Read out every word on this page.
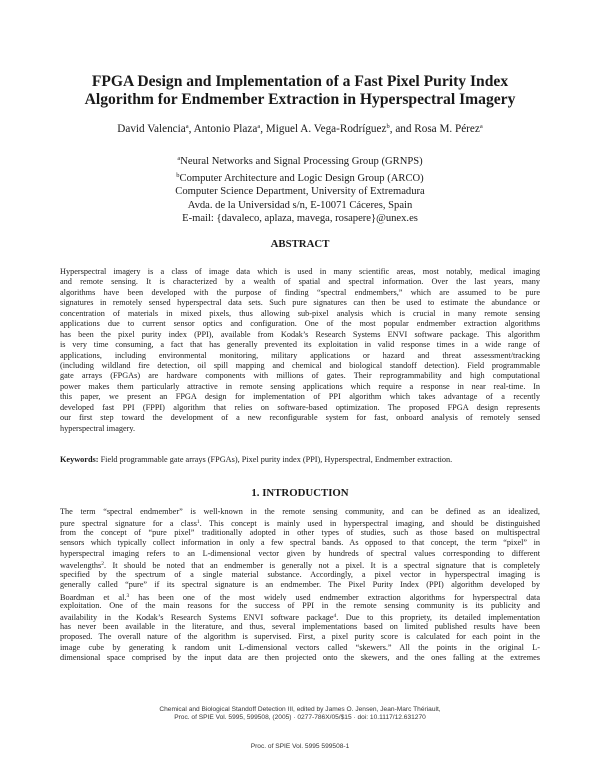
FPGA Design and Implementation of a Fast Pixel Purity Index
Algorithm for Endmember Extraction in Hyperspectral Imagery
David Valencia$^a$, Antonio Plaza$^a$, Miguel A. Vega-Rodríguez$^b$, and Rosa M. Pérez$^a$
$^a$Neural Networks and Signal Processing Group (GRNPS)
$^b$Computer Architecture and Logic Design Group (ARCO)
Computer Science Department, University of Extremadura
Avda. de la Universidad s/n, E-10071 Cáceres, Spain
E-mail: {davaleco, aplaza, mavega, rosapere}@unex.es
ABSTRACT
Hyperspectral imagery is a class of image data which is used in many scientific areas, most notably, medical imaging
and remote sensing. It is characterized by a wealth of spatial and spectral information. Over the last years, many
algorithms have been developed with the purpose of finding “spectral endmembers,” which are assumed to be pure
signatures in remotely sensed hyperspectral data sets. Such pure signatures can then be used to estimate the abundance or
concentration of materials in mixed pixels, thus allowing sub-pixel analysis which is crucial in many remote sensing
applications due to current sensor optics and configuration. One of the most popular endmember extraction algorithms
has been the pixel purity index (PPI), available from Kodak’s Research Systems ENVI software package. This algorithm
is very time consuming, a fact that has generally prevented its exploitation in valid response times in a wide range of
applications, including environmental monitoring, military applications or hazard and threat assessment/tracking
(including wildland fire detection, oil spill mapping and chemical and biological standoff detection). Field programmable
gate arrays (FPGAs) are hardware components with millions of gates. Their reprogrammability and high computational
power makes them particularly attractive in remote sensing applications which require a response in near real-time. In
this paper, we present an FPGA design for implementation of PPI algorithm which takes advantage of a recently
developed fast PPI (FPPI) algorithm that relies on software-based optimization. The proposed FPGA design represents
our first step toward the development of a new reconfigurable system for fast, onboard analysis of remotely sensed
hyperspectral imagery.
Keywords: Field programmable gate arrays (FPGAs), Pixel purity index (PPI), Hyperspectral, Endmember extraction.
1. INTRODUCTION
The term “spectral endmember” is well-known in the remote sensing community, and can be defined as an idealized,
pure spectral signature for a class$^1$. This concept is mainly used in hyperspectral imaging, and should be distinguished
from the concept of “pure pixel” traditionally adopted in other types of studies, such as those based on multispectral
sensors which typically collect information in only a few spectral bands. As opposed to that concept, the term “pixel” in
hyperspectral imaging refers to an L-dimensional vector given by hundreds of spectral values corresponding to different
wavelengths$^2$. It should be noted that an endmember is generally not a pixel. It is a spectral signature that is completely
specified by the spectrum of a single material substance. Accordingly, a pixel vector in hyperspectral imaging is
generally called “pure” if its spectral signature is an endmember. The Pixel Purity Index (PPI) algorithm developed by
Boardman et al.$^3$ has been one of the most widely used endmember extraction algorithms for hyperspectral data
exploitation. One of the main reasons for the success of PPI in the remote sensing community is its publicity and
availability in the Kodak’s Research Systems ENVI software package$^4$. Due to this propriety, its detailed implementation
has never been available in the literature, and thus, several implementations based on limited published results have been
proposed. The overall nature of the algorithm is supervised. First, a pixel purity score is calculated for each point in the
image cube by generating k random unit L-dimensional vectors called “skewers.” All the points in the original L-
dimensional space comprised by the input data are then projected onto the skewers, and the ones falling at the extremes
Chemical and Biological Standoff Detection III, edited by James O. Jensen, Jean-Marc Thériault,
Proc. of SPIE Vol. 5995, 599508, (2005) · 0277-786X/05/$15 · doi: 10.1117/12.631270
Proc. of SPIE Vol. 5995 599508-1
